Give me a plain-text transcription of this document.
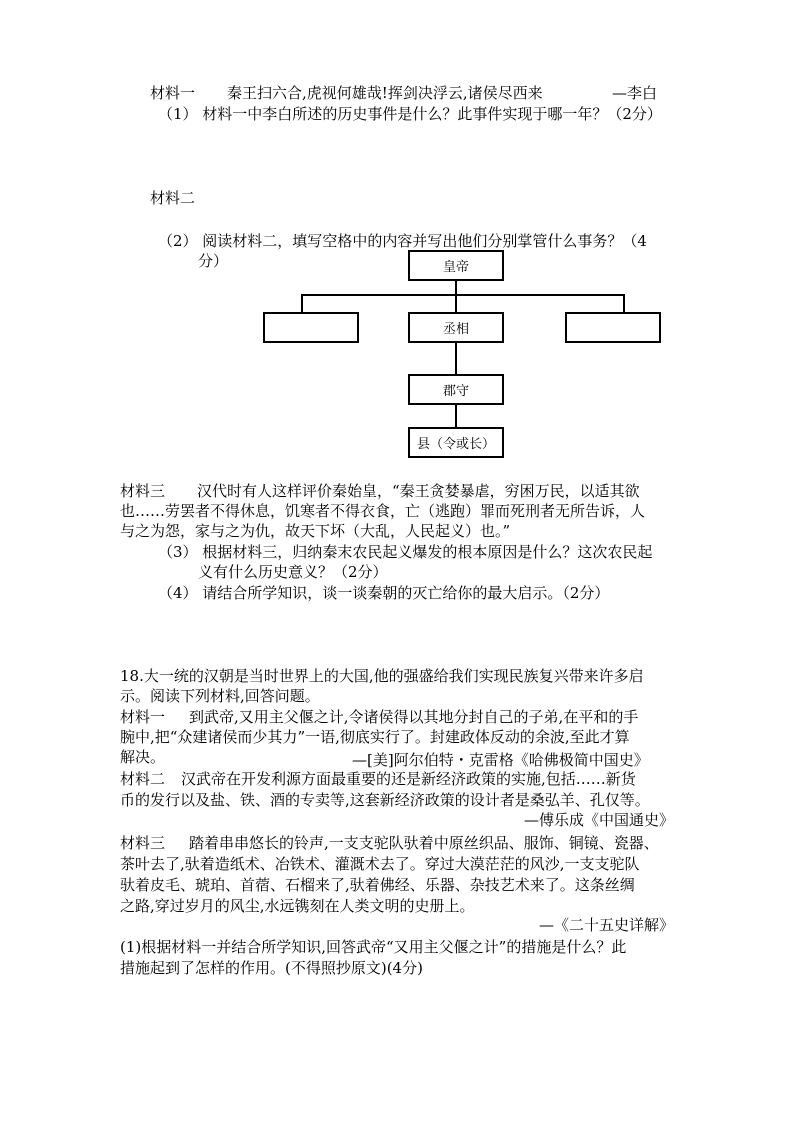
材料一 秦王扫六合,虎视何雄哉!挥剑决浮云,诸侯尽西来	—李白
（1） 材料一中李白所述的历史事件是什么？此事件实现于哪一年？（2分）
材料二
（2） 阅读材料二，填写空格中的内容并写出他们分别掌管什么事务？（4
分）	皇帝
丞相
郡守
县（令或长）
材料三 汉代时有人这样评价秦始皇，“秦王贪婪暴虐，穷困万民，以适其欲
也……劳罢者不得休息，饥寒者不得衣食，亡（逃跑）罪而死刑者无所告诉，人
与之为怨，家与之为仇，故天下坏（大乱，人民起义）也。”
（3） 根据材料三，归纳秦末农民起义爆发的根本原因是什么？这次农民起
义有什么历史意义？（2分）
（4） 请结合所学知识，谈一谈秦朝的灭亡给你的最大启示。（2分）
18.大一统的汉朝是当时世界上的大国,他的强盛给我们实现民族复兴带来许多启
示。阅读下列材料,回答问题。
材料一 到武帝,又用主父偃之计,令诸侯得以其地分封自己的子弟,在平和的手
腕中,把“众建诸侯而少其力”一语,彻底实行了。封建政体反动的余波,至此才算
解决。	—[美]阿尔伯特・克雷格《哈佛极简中国史》
材料二 汉武帝在开发利源方面最重要的还是新经济政策的实施,包括……新货
币的发行以及盐、铁、酒的专卖等,这套新经济政策的设计者是桑弘羊、孔仅等。
—傅乐成《中国通史》
材料三 踏着串串悠长的铃声,一支支驼队驮着中原丝织品、服饰、铜镜、瓷器、
茶叶去了,驮着造纸术、冶铁术、灌溉术去了。穿过大漠茫茫的风沙,一支支驼队
驮着皮毛、琥珀、首蓿、石榴来了,驮着佛经、乐器、杂技艺术来了。这条丝绸
之路,穿过岁月的风尘,水远镌刻在人类文明的史册上。
—《二十五史详解》
(1)根据材料一并结合所学知识,回答武帝“又用主父偃之计”的措施是什么？此
措施起到了怎样的作用。(不得照抄原文)(4分)
